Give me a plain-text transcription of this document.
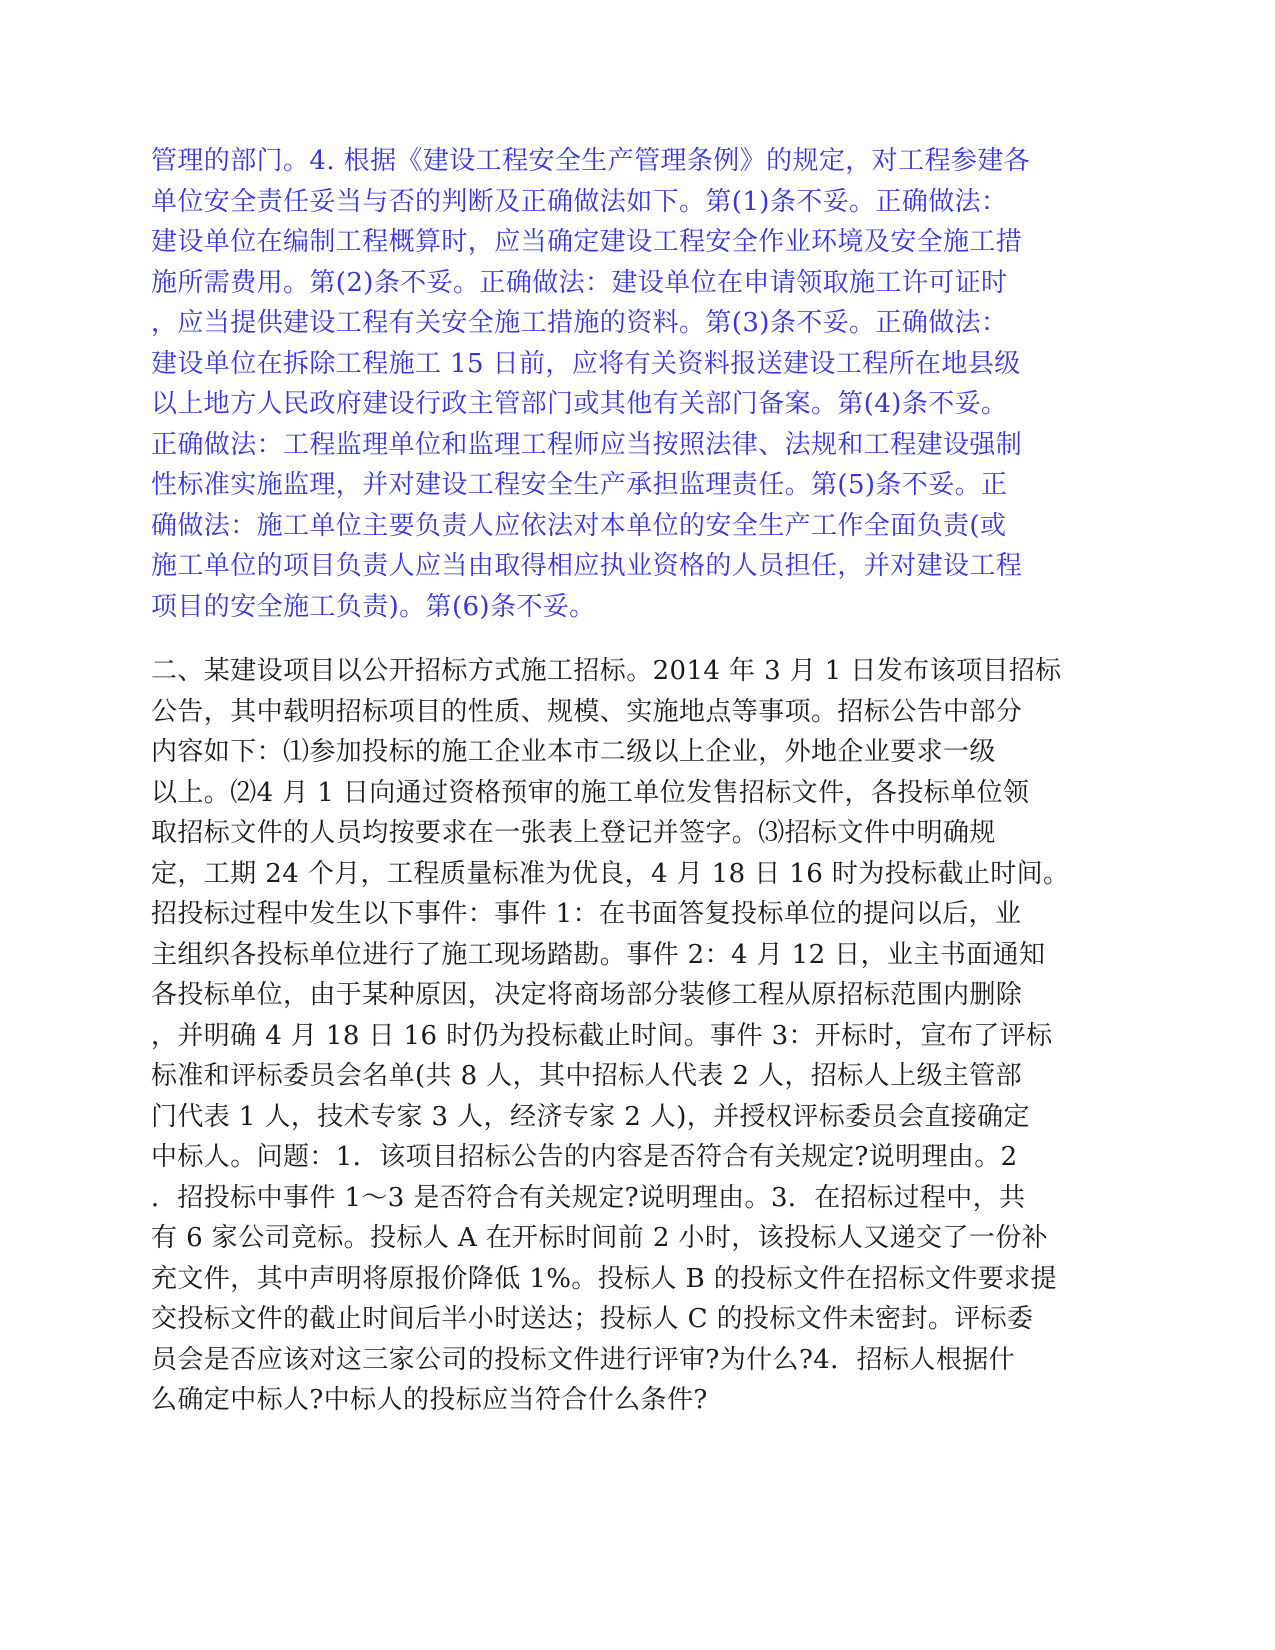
管理的部门。4. 根据《建设工程安全生产管理条例》的规定，对工程参建各
单位安全责任妥当与否的判断及正确做法如下。第(1)条不妥。正确做法：
建设单位在编制工程概算时，应当确定建设工程安全作业环境及安全施工措
施所需费用。第(2)条不妥。正确做法：建设单位在申请领取施工许可证时
，应当提供建设工程有关安全施工措施的资料。第(3)条不妥。正确做法：
建设单位在拆除工程施工 15 日前，应将有关资料报送建设工程所在地县级
以上地方人民政府建设行政主管部门或其他有关部门备案。第(4)条不妥。
正确做法：工程监理单位和监理工程师应当按照法律、法规和工程建设强制
性标准实施监理，并对建设工程安全生产承担监理责任。第(5)条不妥。正
确做法：施工单位主要负责人应依法对本单位的安全生产工作全面负责(或
施工单位的项目负责人应当由取得相应执业资格的人员担任，并对建设工程
项目的安全施工负责)。第(6)条不妥。
二、某建设项目以公开招标方式施工招标。2014 年 3 月 1 日发布该项目招标
公告，其中载明招标项目的性质、规模、实施地点等事项。招标公告中部分
内容如下：⑴参加投标的施工企业本市二级以上企业，外地企业要求一级
以上。⑵4 月 1 日向通过资格预审的施工单位发售招标文件，各投标单位领
取招标文件的人员均按要求在一张表上登记并签字。⑶招标文件中明确规
定，工期 24 个月，工程质量标准为优良，4 月 18 日 16 时为投标截止时间。
招投标过程中发生以下事件：事件 1：在书面答复投标单位的提问以后，业
主组织各投标单位进行了施工现场踏勘。事件 2：4 月 12 日，业主书面通知
各投标单位，由于某种原因，决定将商场部分装修工程从原招标范围内删除
，并明确 4 月 18 日 16 时仍为投标截止时间。事件 3：开标时，宣布了评标
标准和评标委员会名单(共 8 人，其中招标人代表 2 人，招标人上级主管部
门代表 1 人，技术专家 3 人，经济专家 2 人)，并授权评标委员会直接确定
中标人。问题：1．该项目招标公告的内容是否符合有关规定?说明理由。2
．招投标中事件 1～3 是否符合有关规定?说明理由。3．在招标过程中，共
有 6 家公司竞标。投标人 A 在开标时间前 2 小时，该投标人又递交了一份补
充文件，其中声明将原报价降低 1%。投标人 B 的投标文件在招标文件要求提
交投标文件的截止时间后半小时送达；投标人 C 的投标文件未密封。评标委
员会是否应该对这三家公司的投标文件进行评审?为什么?4．招标人根据什
么确定中标人?中标人的投标应当符合什么条件?
